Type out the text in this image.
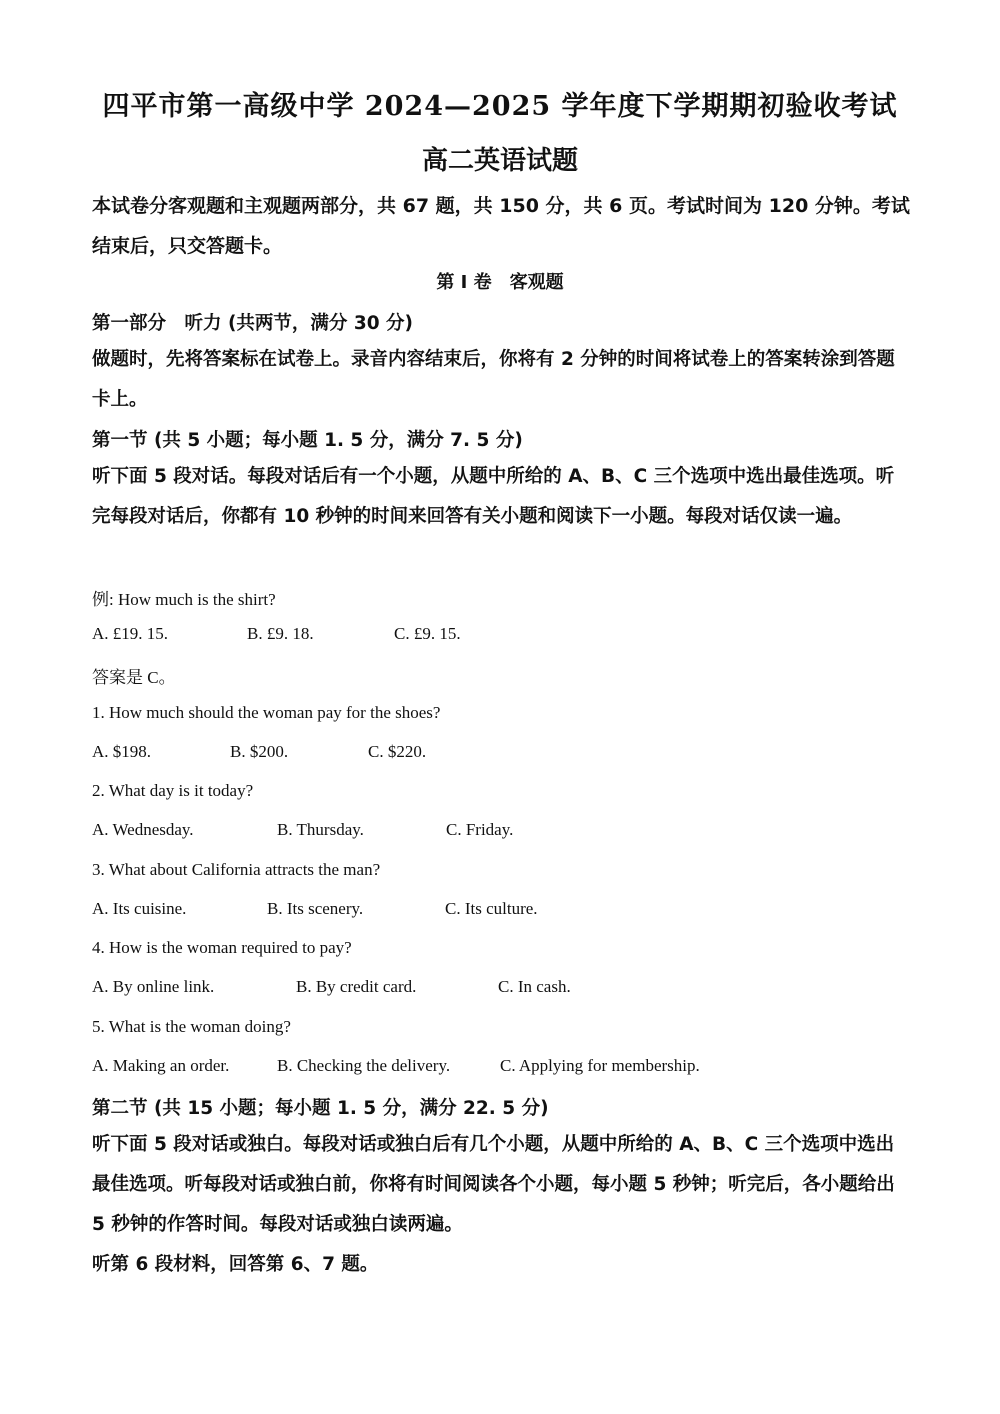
四平市第一高级中学 2024—2025 学年度下学期期初验收考试
高二英语试题
本试卷分客观题和主观题两部分，共 67 题，共 150 分，共 6 页。考试时间为 120 分钟。考试结束后，只交答题卡。
第 I 卷　客观题
第一部分　听力 (共两节，满分 30 分)
做题时，先将答案标在试卷上。录音内容结束后，你将有 2 分钟的时间将试卷上的答案转涂到答题卡上。
第一节 (共 5 小题；每小题 1. 5 分，满分 7. 5 分)
听下面 5 段对话。每段对话后有一个小题，从题中所给的 A、B、C 三个选项中选出最佳选项。听完每段对话后，你都有 10 秒钟的时间来回答有关小题和阅读下一小题。每段对话仅读一遍。
例: How much is the shirt?
A. £19. 15.	B. £9. 18.	C. £9. 15.
答案是 C。
1. How much should the woman pay for the shoes?
A. $198.	B. $200.	C. $220.
2. What day is it today?
A. Wednesday.	B. Thursday.	C. Friday.
3. What about California attracts the man?
A. Its cuisine.	B. Its scenery.	C. Its culture.
4. How is the woman required to pay?
A. By online link.	B. By credit card.	C. In cash.
5. What is the woman doing?
A. Making an order.	B. Checking the delivery.	C. Applying for membership.
第二节 (共 15 小题；每小题 1. 5 分，满分 22. 5 分)
听下面 5 段对话或独白。每段对话或独白后有几个小题，从题中所给的 A、B、C 三个选项中选出最佳选项。听每段对话或独白前，你将有时间阅读各个小题，每小题 5 秒钟；听完后，各小题给出 5 秒钟的作答时间。每段对话或独白读两遍。
听第 6 段材料，回答第 6、7 题。
